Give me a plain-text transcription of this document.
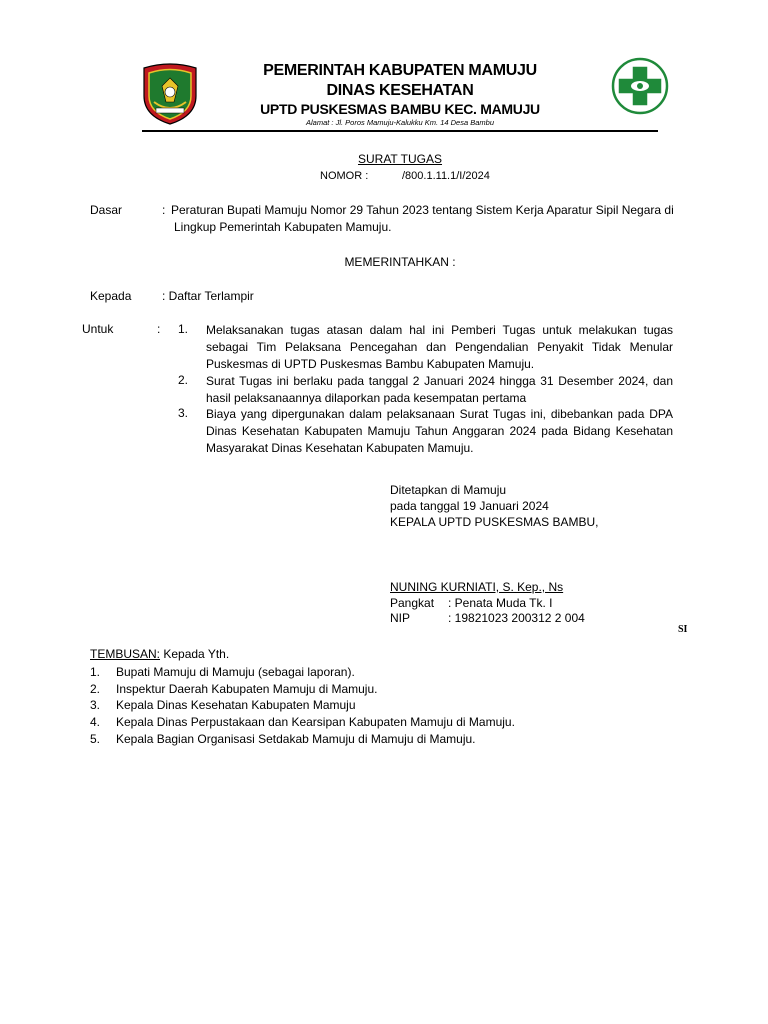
PEMERINTAH KABUPATEN MAMUJU
DINAS KESEHATAN
UPTD PUSKESMAS BAMBU KEC. MAMUJU
Alamat : Jl. Poros Mamuju-Kalukku Km. 14 Desa Bambu
SURAT TUGAS
NOMOR :	/800.1.11.1/I/2024
Dasar	: Peraturan Bupati Mamuju Nomor 29 Tahun 2023 tentang Sistem Kerja Aparatur Sipil Negara di
Lingkup Pemerintah Kabupaten Mamuju.
MEMERINTAHKAN :
Kepada	: Daftar Terlampir
Untuk	: 1. Melaksanakan tugas atasan dalam hal ini Pemberi Tugas untuk melakukan tugas sebagai Tim Pelaksana Pencegahan dan Pengendalian Penyakit Tidak Menular Puskesmas di UPTD Puskesmas Bambu Kabupaten Mamuju.
2. Surat Tugas ini berlaku pada tanggal 2 Januari 2024 hingga 31 Desember 2024, dan hasil pelaksanaannya dilaporkan pada kesempatan pertama
3. Biaya yang dipergunakan dalam pelaksanaan Surat Tugas ini, dibebankan pada DPA Dinas Kesehatan Kabupaten Mamuju Tahun Anggaran 2024 pada Bidang Kesehatan Masyarakat Dinas Kesehatan Kabupaten Mamuju.
Ditetapkan di Mamuju
pada tanggal 19 Januari 2024
KEPALA UPTD PUSKESMAS BAMBU,
NUNING KURNIATI, S. Kep., Ns
Pangkat : Penata Muda Tk. I
NIP	: 19821023 200312 2 004
SI
TEMBUSAN: Kepada Yth.
1. Bupati Mamuju di Mamuju (sebagai laporan).
2. Inspektur Daerah Kabupaten Mamuju di Mamuju.
3. Kepala Dinas Kesehatan Kabupaten Mamuju
4. Kepala Dinas Perpustakaan dan Kearsipan Kabupaten Mamuju di Mamuju.
5. Kepala Bagian Organisasi Setdakab Mamuju di Mamuju di Mamuju.
